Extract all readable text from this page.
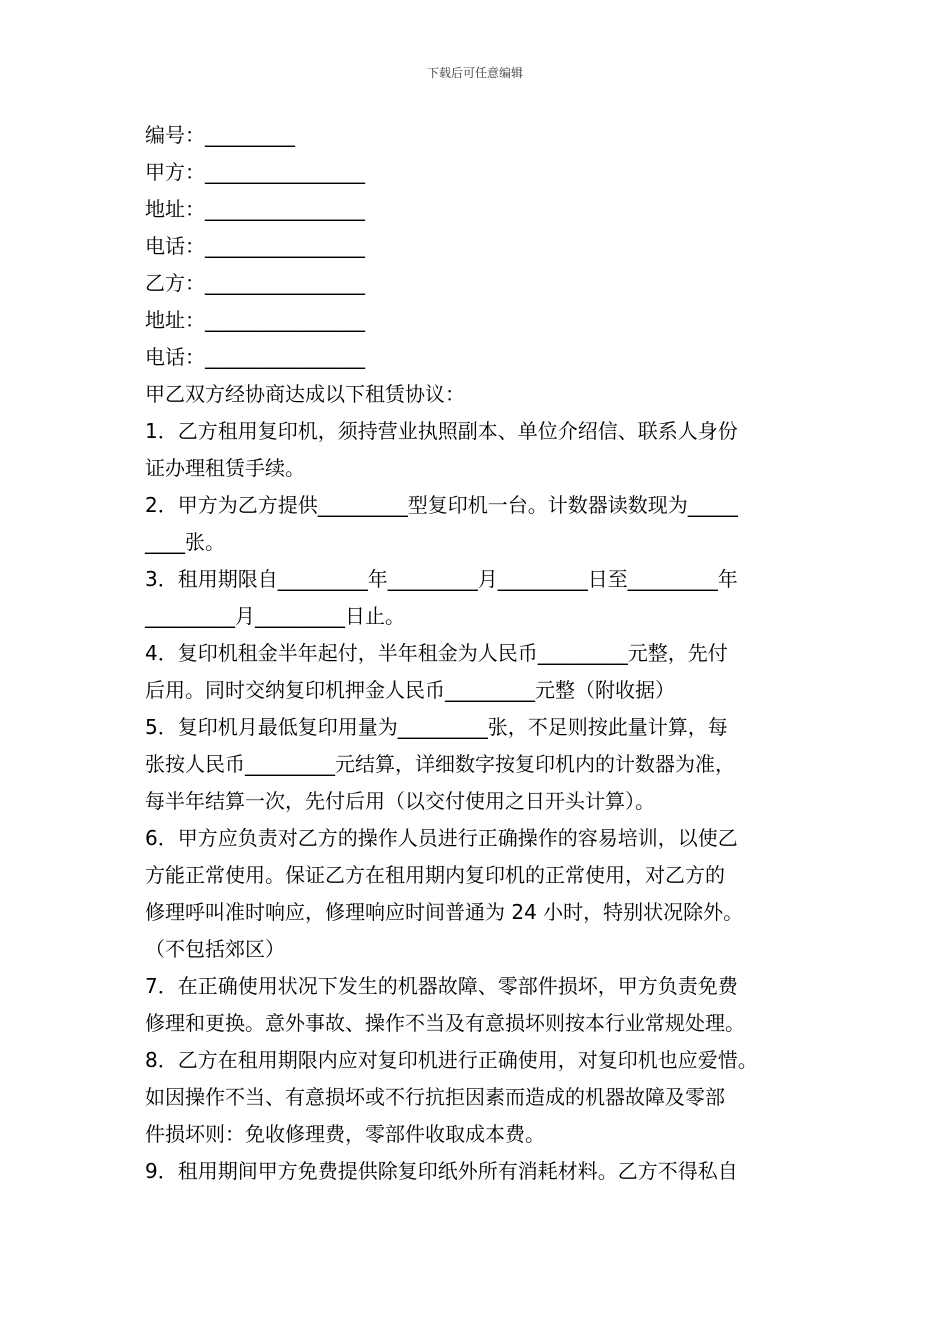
下载后可任意编辑
编号：_________
甲方：________________
地址：________________
电话：________________
乙方：________________
地址：________________
电话：________________
甲乙双方经协商达成以下租赁协议：
1．乙方租用复印机，须持营业执照副本、单位介绍信、联系人身份
证办理租赁手续。
2．甲方为乙方提供_________型复印机一台。计数器读数现为_____
____张。
3．租用期限自_________年_________月_________日至_________年
_________月_________日止。
4．复印机租金半年起付，半年租金为人民币_________元整，先付
后用。同时交纳复印机押金人民币_________元整（附收据）
5．复印机月最低复印用量为_________张，不足则按此量计算，每
张按人民币_________元结算，详细数字按复印机内的计数器为准，
每半年结算一次，先付后用（以交付使用之日开头计算）。
6．甲方应负责对乙方的操作人员进行正确操作的容易培训，以使乙
方能正常使用。保证乙方在租用期内复印机的正常使用，对乙方的
修理呼叫准时响应，修理响应时间普通为 24 小时，特别状况除外。
（不包括郊区）
7．在正确使用状况下发生的机器故障、零部件损坏，甲方负责免费
修理和更换。意外事故、操作不当及有意损坏则按本行业常规处理。
8．乙方在租用期限内应对复印机进行正确使用，对复印机也应爱惜。
如因操作不当、有意损坏或不行抗拒因素而造成的机器故障及零部
件损坏则：免收修理费，零部件收取成本费。
9．租用期间甲方免费提供除复印纸外所有消耗材料。乙方不得私自
